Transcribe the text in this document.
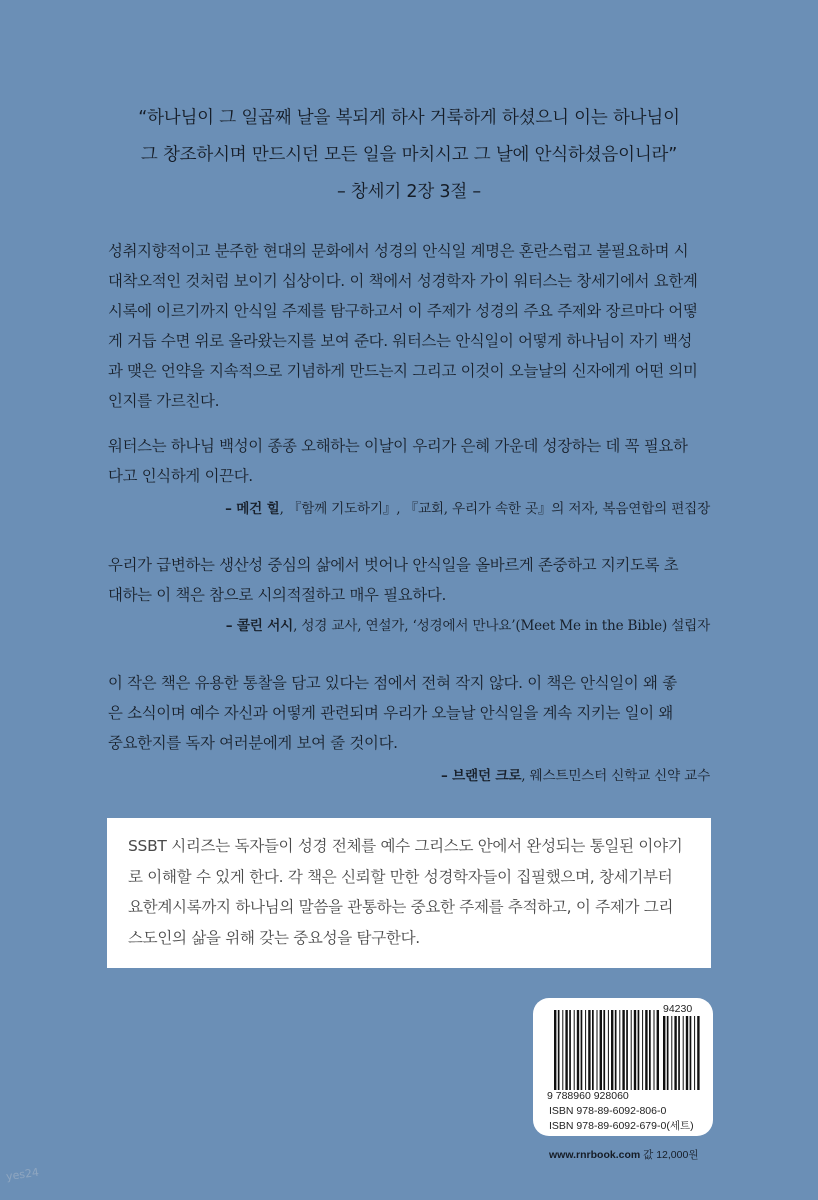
“하나님이 그 일곱째 날을 복되게 하사 거룩하게 하셨으니 이는 하나님이
그 창조하시며 만드시던 모든 일을 마치시고 그 날에 안식하셨음이니라”
– 창세기 2장 3절 –
성취지향적이고 분주한 현대의 문화에서 성경의 안식일 계명은 혼란스럽고 불필요하며 시
대착오적인 것처럼 보이기 십상이다. 이 책에서 성경학자 가이 워터스는 창세기에서 요한계
시록에 이르기까지 안식일 주제를 탐구하고서 이 주제가 성경의 주요 주제와 장르마다 어떻
게 거듭 수면 위로 올라왔는지를 보여 준다. 워터스는 안식일이 어떻게 하나님이 자기 백성
과 맺은 언약을 지속적으로 기념하게 만드는지 그리고 이것이 오늘날의 신자에게 어떤 의미
인지를 가르친다.
워터스는 하나님 백성이 종종 오해하는 이날이 우리가 은혜 가운데 성장하는 데 꼭 필요하
다고 인식하게 이끈다.
– 메건 힐, 『함께 기도하기』, 『교회, 우리가 속한 곳』의 저자, 복음연합의 편집장
우리가 급변하는 생산성 중심의 삶에서 벗어나 안식일을 올바르게 존중하고 지키도록 초
대하는 이 책은 참으로 시의적절하고 매우 필요하다.
– 콜린 서시, 성경 교사, 연설가, ‘성경에서 만나요’(Meet Me in the Bible) 설립자
이 작은 책은 유용한 통찰을 담고 있다는 점에서 전혀 작지 않다. 이 책은 안식일이 왜 좋
은 소식이며 예수 자신과 어떻게 관련되며 우리가 오늘날 안식일을 계속 지키는 일이 왜
중요한지를 독자 여러분에게 보여 줄 것이다.
– 브랜던 크로, 웨스트민스터 신학교 신약 교수
SSBT 시리즈는 독자들이 성경 전체를 예수 그리스도 안에서 완성되는 통일된 이야기
로 이해할 수 있게 한다. 각 책은 신뢰할 만한 성경학자들이 집필했으며, 창세기부터
요한계시록까지 하나님의 말씀을 관통하는 중요한 주제를 추적하고, 이 주제가 그리
스도인의 삶을 위해 갖는 중요성을 탐구한다.
94230
9 788960 928060
ISBN 978-89-6092-806-0
ISBN 978-89-6092-679-0(세트)
www.rnrbook.com 값 12,000원
yes24
